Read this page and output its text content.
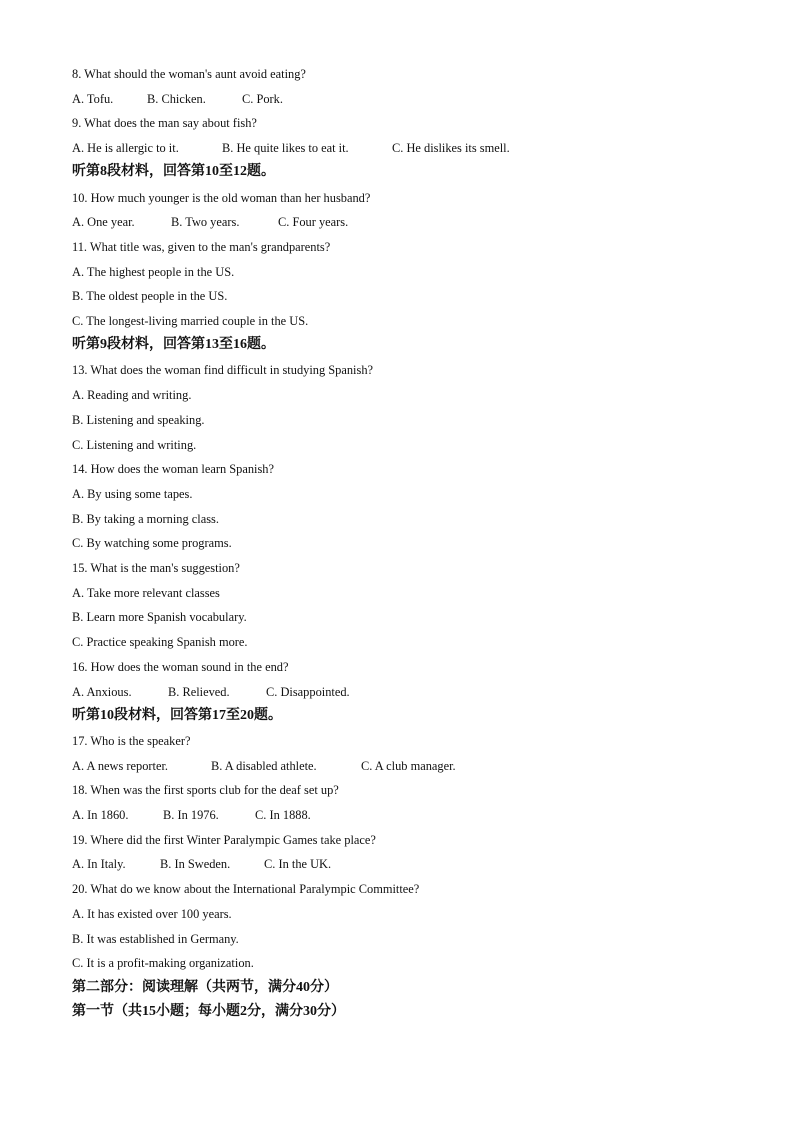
8. What should the woman's aunt avoid eating?
A. Tofu.	B. Chicken.	C. Pork.
9. What does the man say about fish?
A. He is allergic to it.	B. He quite likes to eat it.	C. He dislikes its smell.
听第8段材料，回答第10至12题。
10. How much younger is the old woman than her husband?
A. One year.	B. Two years.	C. Four years.
11. What title was, given to the man's grandparents?
A. The highest people in the US.
B. The oldest people in the US.
C. The longest-living married couple in the US.
听第9段材料，回答第13至16题。
13. What does the woman find difficult in studying Spanish?
A. Reading and writing.
B. Listening and speaking.
C. Listening and writing.
14. How does the woman learn Spanish?
A. By using some tapes.
B. By taking a morning class.
C. By watching some programs.
15. What is the man's suggestion?
A. Take more relevant classes
B. Learn more Spanish vocabulary.
C. Practice speaking Spanish more.
16. How does the woman sound in the end?
A. Anxious.	B. Relieved.	C. Disappointed.
听第10段材料，回答第17至20题。
17. Who is the speaker?
A. A news reporter.	B. A disabled athlete.	C. A club manager.
18. When was the first sports club for the deaf set up?
A. In 1860.	B. In 1976.	C. In 1888.
19. Where did the first Winter Paralympic Games take place?
A. In Italy.	B. In Sweden.	C. In the UK.
20. What do we know about the International Paralympic Committee?
A. It has existed over 100 years.
B. It was established in Germany.
C. It is a profit-making organization.
第二部分：阅读理解（共两节，满分40分）
第一节（共15小题；每小题2分，满分30分）
